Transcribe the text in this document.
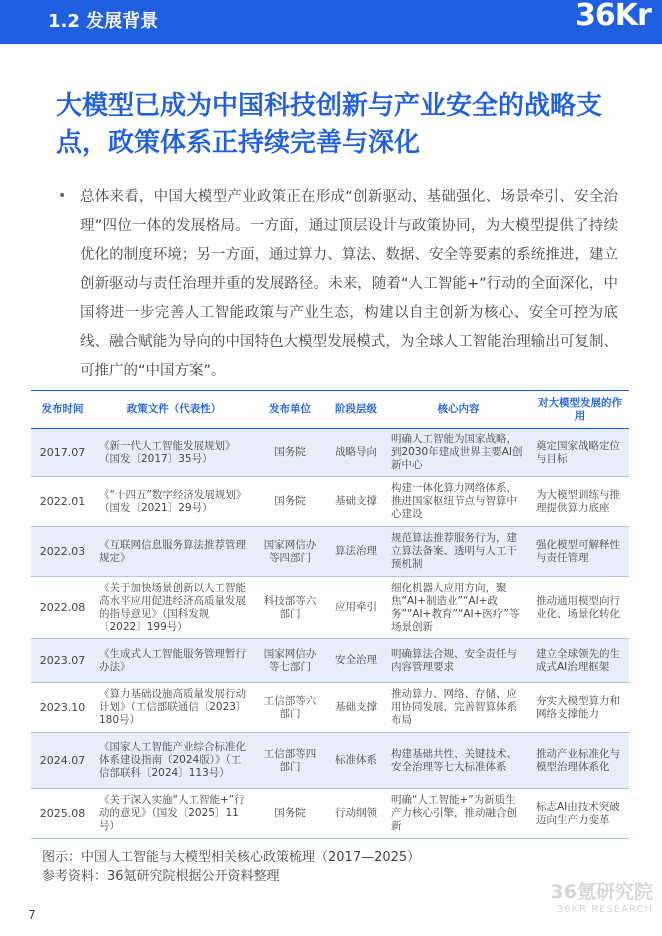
1.2 发展背景	36Kr
大模型已成为中国科技创新与产业安全的战略支点，政策体系正持续完善与深化
• 总体来看，中国大模型产业政策正在形成“创新驱动、基础强化、场景牵引、安全治理”四位一体的发展格局。一方面，通过顶层设计与政策协同，为大模型提供了持续优化的制度环境；另一方面，通过算力、算法、数据、安全等要素的系统推进，建立创新驱动与责任治理并重的发展路径。未来，随着“人工智能+”行动的全面深化，中国将进一步完善人工智能政策与产业生态，构建以自主创新为核心、安全可控为底线、融合赋能为导向的中国特色大模型发展模式，为全球人工智能治理输出可复制、可推广的“中国方案”。
发布时间	政策文件（代表性）	发布单位	阶段层级	核心内容	对大模型发展的作用
2017.07	《新一代人工智能发展规划》（国发〔2017〕35号）	国务院	战略导向	明确人工智能为国家战略，到2030年建成世界主要AI创新中心	奠定国家战略定位与目标
2022.01	《“十四五”数字经济发展规划》（国发〔2021〕29号）	国务院	基础支撑	构建一体化算力网络体系，推进国家枢纽节点与智算中心建设	为大模型训练与推理提供算力底座
2022.03	《互联网信息服务算法推荐管理规定》	国家网信办等四部门	算法治理	规范算法推荐服务行为，建立算法备案、透明与人工干预机制	强化模型可解释性与责任管理
2022.08	《关于加快场景创新以人工智能高水平应用促进经济高质量发展的指导意见》（国科发规〔2022〕199号）	科技部等六部门	应用牵引	细化机器人应用方向，聚焦“AI+制造业”“AI+政务”“AI+教育”“AI+医疗”等场景创新	推动通用模型向行业化、场景化转化
2023.07	《生成式人工智能服务管理暂行办法》	国家网信办等七部门	安全治理	明确算法合规、安全责任与内容管理要求	建立全球领先的生成式AI治理框架
2023.10	《算力基础设施高质量发展行动计划》（工信部联通信〔2023〕180号）	工信部等六部门	基础支撑	推动算力、网络、存储、应用协同发展，完善智算体系布局	夯实大模型算力和网络支撑能力
2024.07	《国家人工智能产业综合标准化体系建设指南（2024版）》（工信部联科〔2024〕113号）	工信部等四部门	标准体系	构建基础共性、关键技术、安全治理等七大标准体系	推动产业标准化与模型治理体系化
2025.08	《关于深入实施“人工智能+”行动的意见》（国发〔2025〕11号）	国务院	行动纲领	明确“人工智能+”为新质生产力核心引擎，推动融合创新	标志AI由技术突破迈向生产力变革
图示：中国人工智能与大模型相关核心政策梳理（2017—2025）
参考资料：36氪研究院根据公开资料整理
36氪研究院
36KR RESEARCH
7
